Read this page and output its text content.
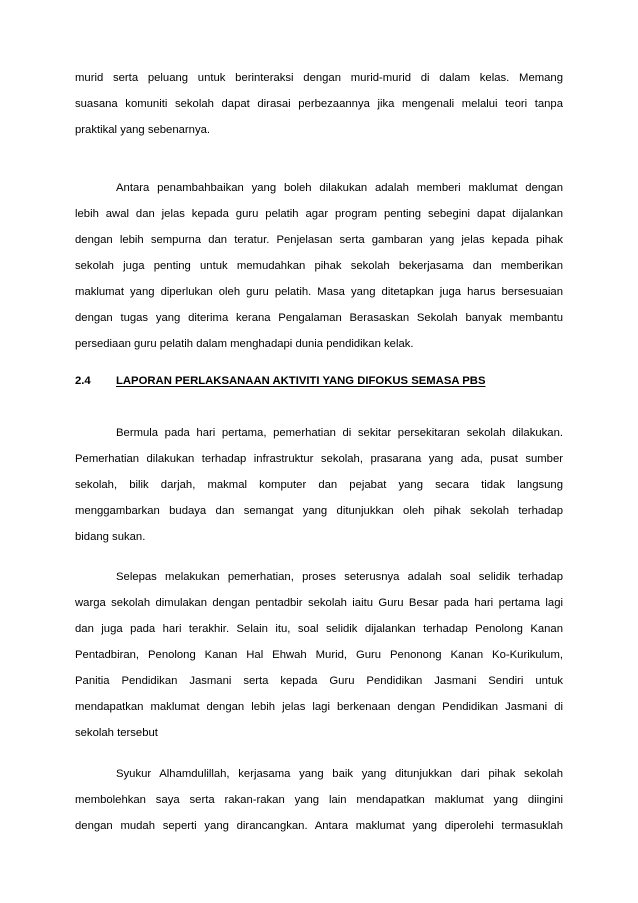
murid serta peluang untuk berinteraksi dengan murid-murid di dalam kelas. Memang
suasana komuniti sekolah dapat dirasai perbezaannya jika mengenali melalui teori tanpa
praktikal yang sebenarnya.
Antara penambahbaikan yang boleh dilakukan adalah memberi maklumat dengan
lebih awal dan jelas kepada guru pelatih agar program penting sebegini dapat dijalankan
dengan lebih sempurna dan teratur. Penjelasan serta gambaran yang jelas kepada pihak
sekolah juga penting untuk memudahkan pihak sekolah bekerjasama dan memberikan
maklumat yang diperlukan oleh guru pelatih. Masa yang ditetapkan juga harus bersesuaian
dengan tugas yang diterima kerana Pengalaman Berasaskan Sekolah banyak membantu
persediaan guru pelatih dalam menghadapi dunia pendidikan kelak.
2.4 LAPORAN PERLAKSANAAN AKTIVITI YANG DIFOKUS SEMASA PBS
Bermula pada hari pertama, pemerhatian di sekitar persekitaran sekolah dilakukan.
Pemerhatian dilakukan terhadap infrastruktur sekolah, prasarana yang ada, pusat sumber
sekolah, bilik darjah, makmal komputer dan pejabat yang secara tidak langsung
menggambarkan budaya dan semangat yang ditunjukkan oleh pihak sekolah terhadap
bidang sukan.
Selepas melakukan pemerhatian, proses seterusnya adalah soal selidik terhadap
warga sekolah dimulakan dengan pentadbir sekolah iaitu Guru Besar pada hari pertama lagi
dan juga pada hari terakhir. Selain itu, soal selidik dijalankan terhadap Penolong Kanan
Pentadbiran, Penolong Kanan Hal Ehwah Murid, Guru Penonong Kanan Ko-Kurikulum,
Panitia Pendidikan Jasmani serta kepada Guru Pendidikan Jasmani Sendiri untuk
mendapatkan maklumat dengan lebih jelas lagi berkenaan dengan Pendidikan Jasmani di
sekolah tersebut
Syukur Alhamdulillah, kerjasama yang baik yang ditunjukkan dari pihak sekolah
membolehkan saya serta rakan-rakan yang lain mendapatkan maklumat yang diingini
dengan mudah seperti yang dirancangkan. Antara maklumat yang diperolehi termasuklah
